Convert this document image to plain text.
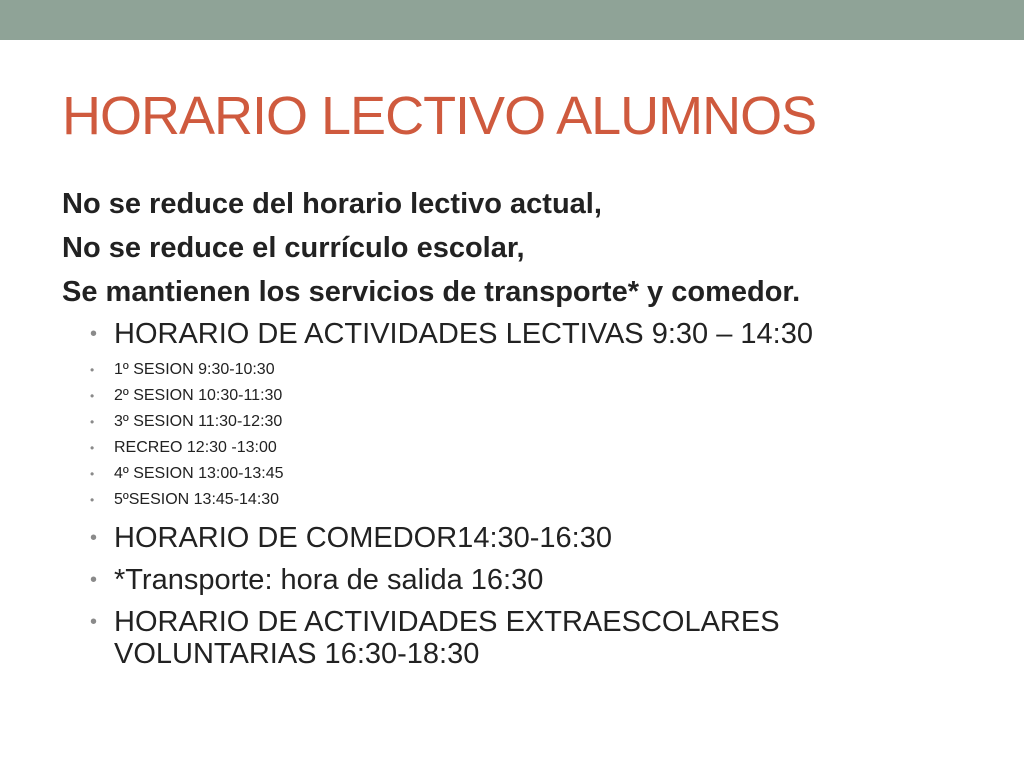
HORARIO LECTIVO ALUMNOS
No se reduce del horario lectivo actual,
No se reduce el currículo escolar,
Se mantienen los servicios de transporte* y comedor.
• HORARIO DE ACTIVIDADES LECTIVAS 9:30 – 14:30
• 1º SESION 9:30-10:30
• 2º SESION 10:30-11:30
• 3º SESION 11:30-12:30
• RECREO 12:30 -13:00
• 4º SESION 13:00-13:45
• 5ºSESION 13:45-14:30
• HORARIO DE COMEDOR14:30-16:30
• *Transporte: hora de salida 16:30
• HORARIO DE ACTIVIDADES EXTRAESCOLARES
VOLUNTARIAS 16:30-18:30
